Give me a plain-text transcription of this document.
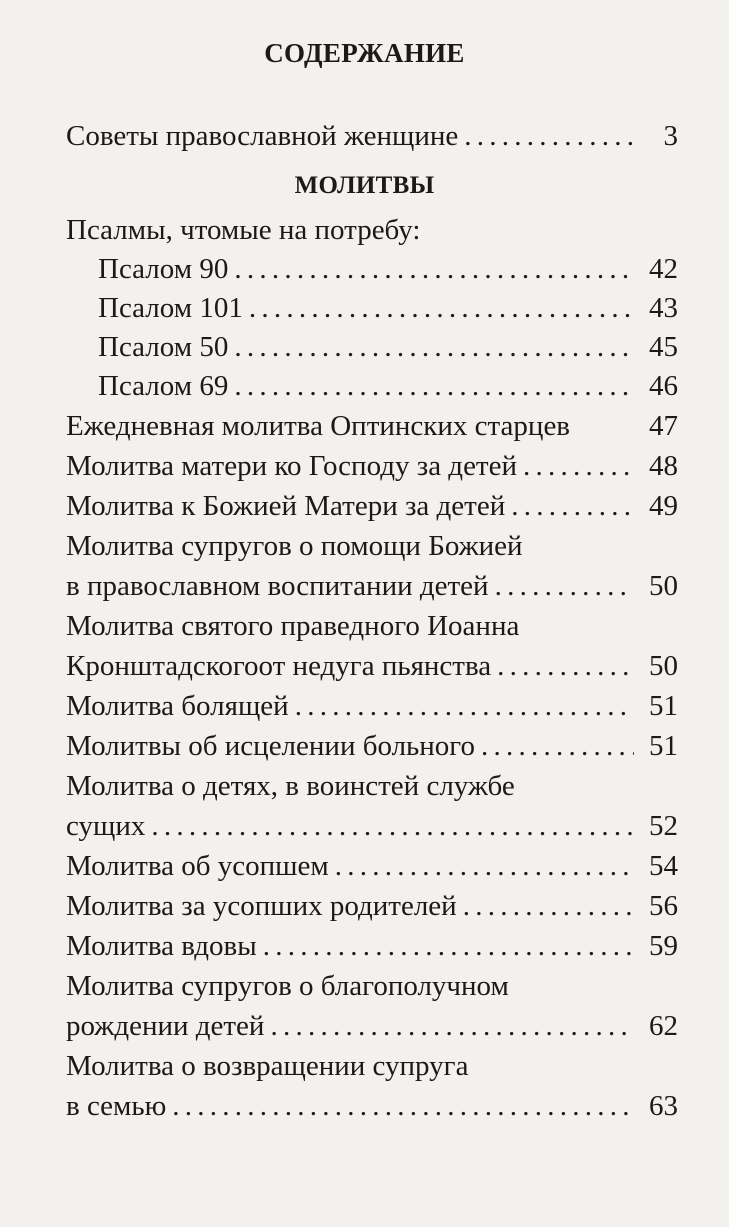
СОДЕРЖАНИЕ
Советы православной женщине . . .	3
МОЛИТВЫ
Псалмы, чтомые на потребу:
Псалом 90 . . .	42
Псалом 101 . . .	43
Псалом 50 . . .	45
Псалом 69 . . .	46
Ежедневная молитва Оптинских старцев	47
Молитва матери ко Господу за детей . . .	48
Молитва к Божией Матери за детей . . .	49
Молитва супругов о помощи Божией
в православном воспитании детей . . .	50
Молитва святого праведного Иоанна
Кронштадскогоот недуга пьянства . . .	50
Молитва болящей . . .	51
Молитвы об исцелении больного . . .	51
Молитва о детях, в воинстей службе
сущих . . .	52
Молитва об усопшем . . .	54
Молитва за усопших родителей . . .	56
Молитва вдовы . . .	59
Молитва супругов о благополучном
рождении детей . . .	62
Молитва о возвращении супруга
в семью . . .	63
